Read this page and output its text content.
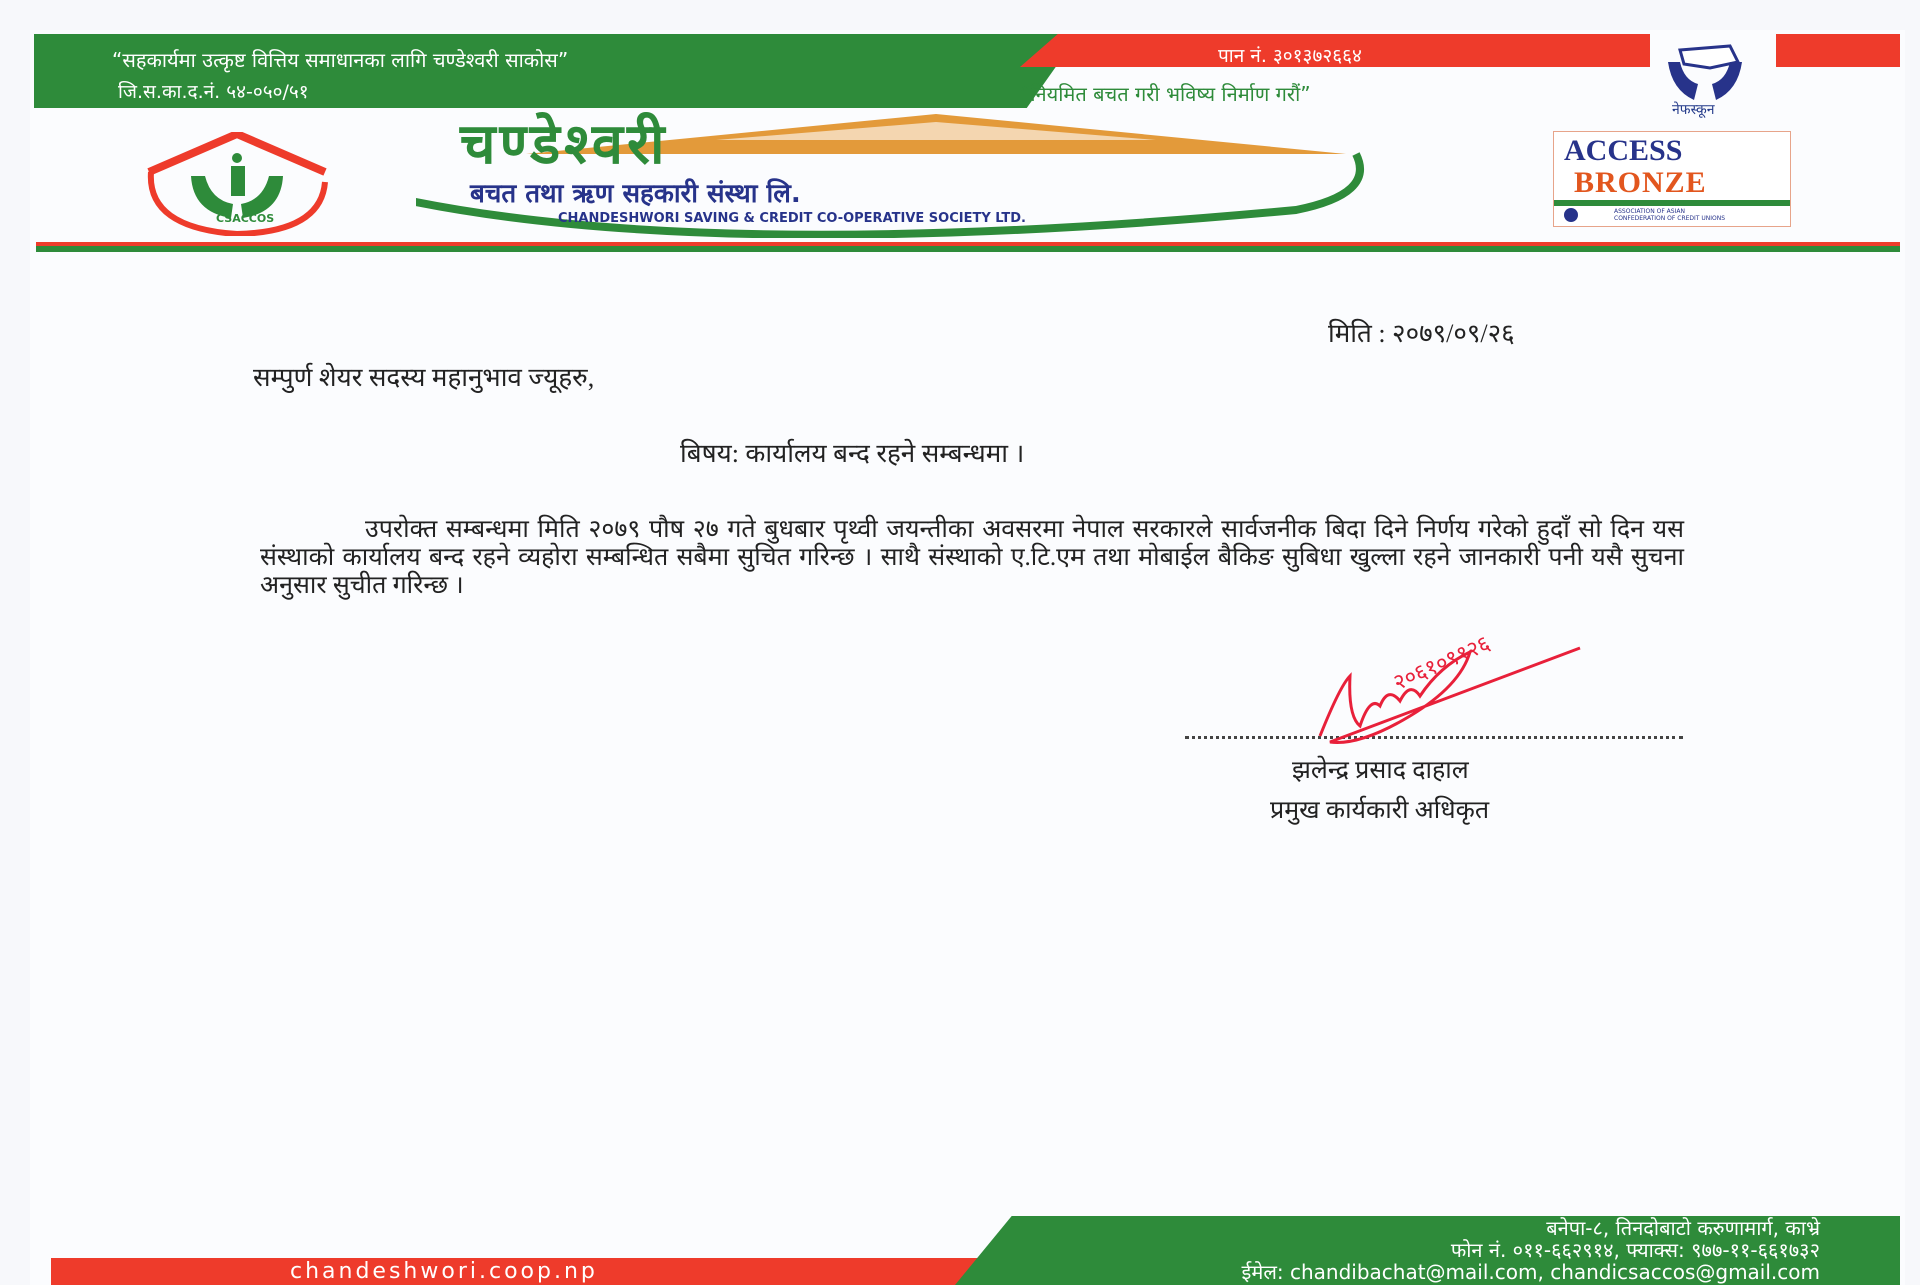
“सहकार्यमा उत्कृष्ट वित्तिय समाधानका लागि चण्डेश्वरी साकोस”
जि.स.का.द.नं. ५४-०५०/५१
पान नं. ३०१३७२६६४
“नियमित बचत गरी भविष्य निर्माण गरौं”
नेफस्कून
CSACCOS
चण्डेश्वरी
बचत तथा ऋण सहकारी संस्था लि.
CHANDESHWORI SAVING & CREDIT CO-OPERATIVE SOCIETY LTD.
ACCESS
BRONZE
ASSOCIATION OF ASIAN CONFEDERATION OF CREDIT UNIONS
मिति : २०७९/०९/२६
सम्पुर्ण शेयर सदस्य महानुभाव ज्यूहरु,
बिषय: कार्यालय बन्द रहने सम्बन्धमा ।
उपरोक्त सम्बन्धमा मिति २०७९ पौष २७ गते बुधबार पृथ्वी जयन्तीका अवसरमा नेपाल सरकारले सार्वजनीक बिदा दिने निर्णय गरेको हुदाँ सो दिन यस संस्थाको कार्यालय बन्द रहने व्यहोरा सम्बन्धित सबैमा सुचित गरिन्छ । साथै संस्थाको ए.टि.एम तथा मोबाईल बैकिङ सुबिधा खुल्ला रहने जानकारी पनी यसै सुचना अनुसार सुचीत गरिन्छ ।
२०६१०९१२६
झलेन्द्र प्रसाद दाहाल
प्रमुख कार्यकारी अधिकृत
chandeshwori.coop.np
बनेपा-८, तिनदोबाटो करुणामार्ग, काभ्रे
फोन नं. ०११-६६२९१४, फ्याक्स: ९७७-११-६६१७३२
ईमेल: chandibachat@mail.com, chandicsaccos@gmail.com
